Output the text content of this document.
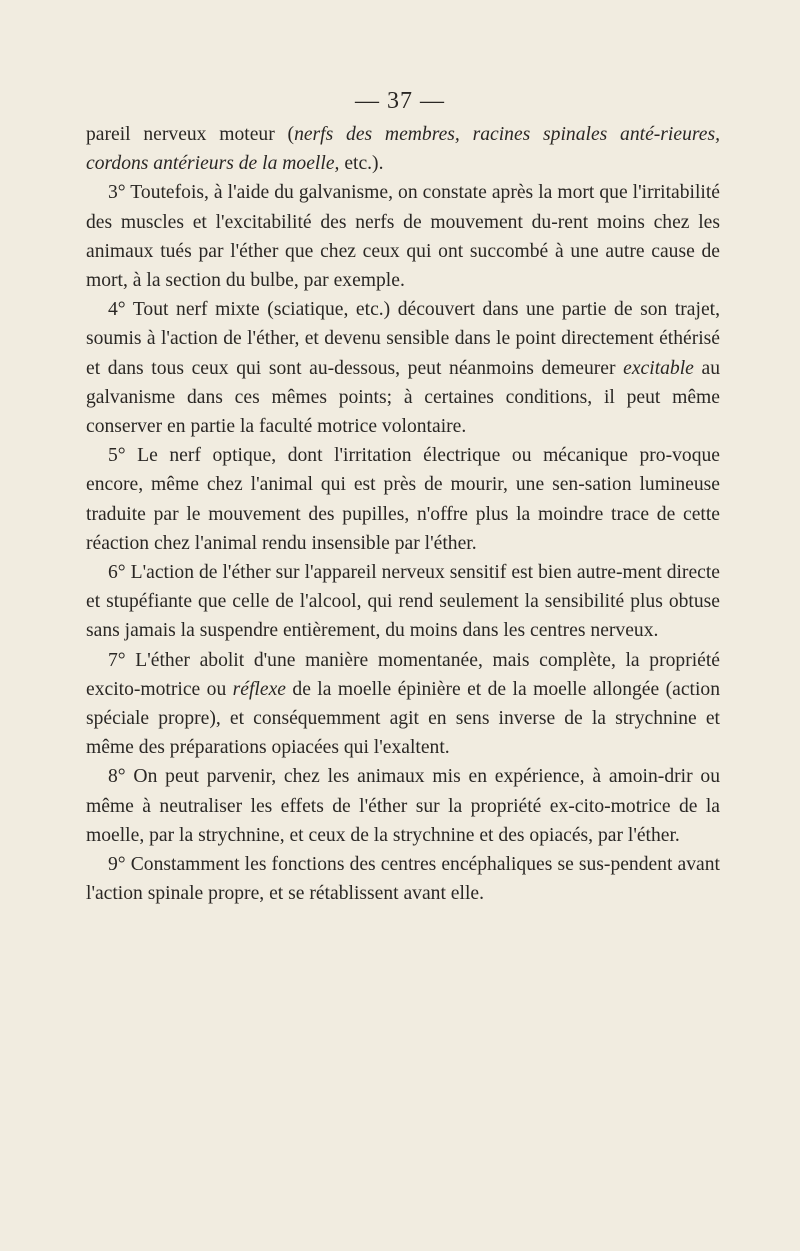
— 37 —

pareil nerveux moteur (nerfs des membres, racines spinales anté-rieures, cordons antérieurs de la moelle, etc.).

3° Toutefois, à l'aide du galvanisme, on constate après la mort que l'irritabilité des muscles et l'excitabilité des nerfs de mouvement du-rent moins chez les animaux tués par l'éther que chez ceux qui ont succombé à une autre cause de mort, à la section du bulbe, par exemple.

4° Tout nerf mixte (sciatique, etc.) découvert dans une partie de son trajet, soumis à l'action de l'éther, et devenu sensible dans le point directement éthérisé et dans tous ceux qui sont au-dessous, peut néanmoins demeurer excitable au galvanisme dans ces mêmes points; à certaines conditions, il peut même conserver en partie la faculté motrice volontaire.

5° Le nerf optique, dont l'irritation électrique ou mécanique pro-voque encore, même chez l'animal qui est près de mourir, une sen-sation lumineuse traduite par le mouvement des pupilles, n'offre plus la moindre trace de cette réaction chez l'animal rendu insensible par l'éther.

6° L'action de l'éther sur l'appareil nerveux sensitif est bien autre-ment directe et stupéfiante que celle de l'alcool, qui rend seulement la sensibilité plus obtuse sans jamais la suspendre entièrement, du moins dans les centres nerveux.

7° L'éther abolit d'une manière momentanée, mais complète, la propriété excito-motrice ou réflexe de la moelle épinière et de la moelle allongée (action spéciale propre), et conséquemment agit en sens inverse de la strychnine et même des préparations opiacées qui l'exaltent.

8° On peut parvenir, chez les animaux mis en expérience, à amoin-drir ou même à neutraliser les effets de l'éther sur la propriété ex-cito-motrice de la moelle, par la strychnine, et ceux de la strychnine et des opiacés, par l'éther.

9° Constamment les fonctions des centres encéphaliques se sus-pendent avant l'action spinale propre, et se rétablissent avant elle.
